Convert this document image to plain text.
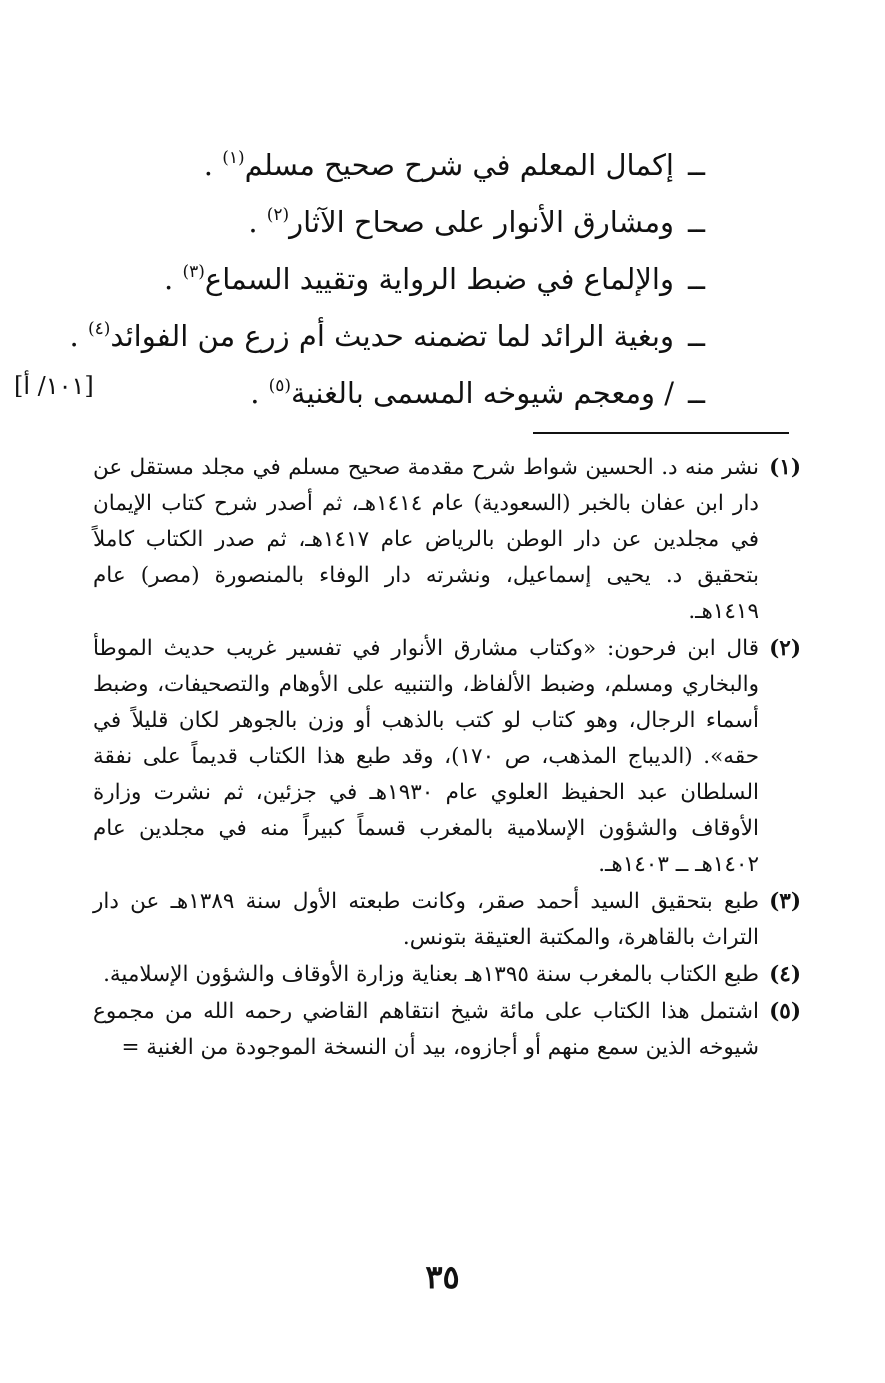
ــإكمال المعلم في شرح صحيح مسلم$^{(١)}$ .
ــومشارق الأنوار على صحاح الآثار$^{(٢)}$ .
ــوالإلماع في ضبط الرواية وتقييد السماع$^{(٣)}$ .
ــوبغية الرائد لما تضمنه حديث أم زرع من الفوائد$^{(٤)}$ .
ــ/ ومعجم شيوخه المسمى بالغنية$^{(٥)}$ .
[١٠١/ أ]
(١)
نشر منه د. الحسين شواط شرح مقدمة صحيح مسلم في مجلد مستقل عن دار ابن عفان بالخبر (السعودية) عام ١٤١٤هـ، ثم أصدر شرح كتاب الإيمان في مجلدين عن دار الوطن بالرياض عام ١٤١٧هـ، ثم صدر الكتاب كاملاً بتحقيق د. يحيى إسماعيل، ونشرته دار الوفاء بالمنصورة (مصر) عام ١٤١٩هـ.
(٢)
قال ابن فرحون: «وكتاب مشارق الأنوار في تفسير غريب حديث الموطأ والبخاري ومسلم، وضبط الألفاظ، والتنبيه على الأوهام والتصحيفات، وضبط أسماء الرجال، وهو كتاب لو كتب بالذهب أو وزن بالجوهر لكان قليلاً في حقه». (الديباج المذهب، ص ١٧٠)، وقد طبع هذا الكتاب قديماً على نفقة السلطان عبد الحفيظ العلوي عام ١٩٣٠هـ في جزئين، ثم نشرت وزارة الأوقاف والشؤون الإسلامية بالمغرب قسماً كبيراً منه في مجلدين عام ١٤٠٢هـ ــ ١٤٠٣هـ.
(٣)
طبع بتحقيق السيد أحمد صقر، وكانت طبعته الأول سنة ١٣٨٩هـ عن دار التراث بالقاهرة، والمكتبة العتيقة بتونس.
(٤)
طبع الكتاب بالمغرب سنة ١٣٩٥هـ بعناية وزارة الأوقاف والشؤون الإسلامية.
(٥)
اشتمل هذا الكتاب على مائة شيخ انتقاهم القاضي رحمه الله من مجموع شيوخه الذين سمع منهم أو أجازوه، بيد أن النسخة الموجودة من الغنية =
٣٥
